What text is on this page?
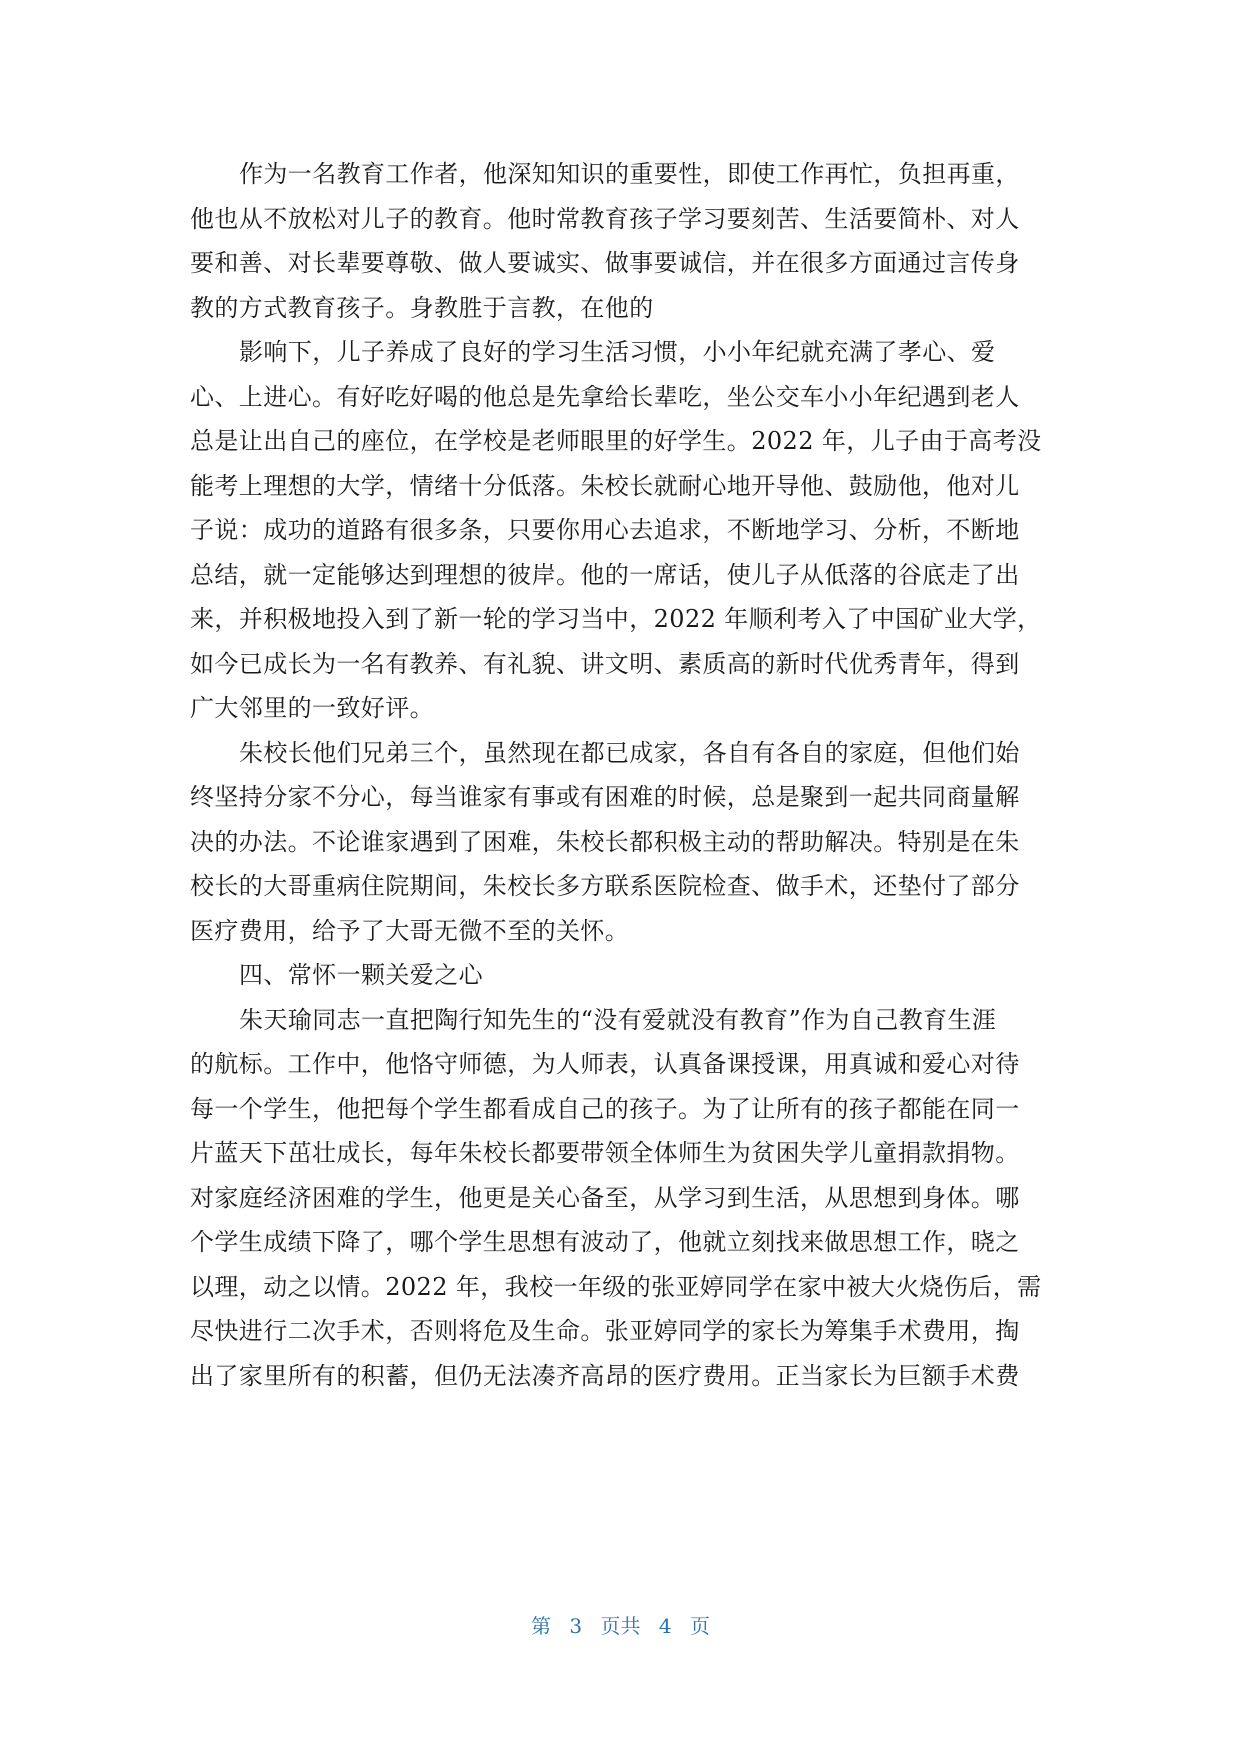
作为一名教育工作者，他深知知识的重要性，即使工作再忙，负担再重，
他也从不放松对儿子的教育。他时常教育孩子学习要刻苦、生活要简朴、对人
要和善、对长辈要尊敬、做人要诚实、做事要诚信，并在很多方面通过言传身
教的方式教育孩子。身教胜于言教，在他的

影响下，儿子养成了良好的学习生活习惯，小小年纪就充满了孝心、爱
心、上进心。有好吃好喝的他总是先拿给长辈吃，坐公交车小小年纪遇到老人
总是让出自己的座位，在学校是老师眼里的好学生。2022 年，儿子由于高考没
能考上理想的大学，情绪十分低落。朱校长就耐心地开导他、鼓励他，他对儿
子说：成功的道路有很多条，只要你用心去追求，不断地学习、分析，不断地
总结，就一定能够达到理想的彼岸。他的一席话，使儿子从低落的谷底走了出
来，并积极地投入到了新一轮的学习当中，2022 年顺利考入了中国矿业大学，
如今已成长为一名有教养、有礼貌、讲文明、素质高的新时代优秀青年，得到
广大邻里的一致好评。

朱校长他们兄弟三个，虽然现在都已成家，各自有各自的家庭，但他们始
终坚持分家不分心，每当谁家有事或有困难的时候，总是聚到一起共同商量解
决的办法。不论谁家遇到了困难，朱校长都积极主动的帮助解决。特别是在朱
校长的大哥重病住院期间，朱校长多方联系医院检查、做手术，还垫付了部分
医疗费用，给予了大哥无微不至的关怀。

四、常怀一颗关爱之心

朱天瑜同志一直把陶行知先生的“没有爱就没有教育”作为自己教育生涯
的航标。工作中，他恪守师德，为人师表，认真备课授课，用真诚和爱心对待
每一个学生，他把每个学生都看成自己的孩子。为了让所有的孩子都能在同一
片蓝天下茁壮成长，每年朱校长都要带领全体师生为贫困失学儿童捐款捐物。
对家庭经济困难的学生，他更是关心备至，从学习到生活，从思想到身体。哪
个学生成绩下降了，哪个学生思想有波动了，他就立刻找来做思想工作，晓之
以理，动之以情。2022 年，我校一年级的张亚婷同学在家中被大火烧伤后，需
尽快进行二次手术，否则将危及生命。张亚婷同学的家长为筹集手术费用，掏
出了家里所有的积蓄，但仍无法凑齐高昂的医疗费用。正当家长为巨额手术费

第 3 页共 4 页
